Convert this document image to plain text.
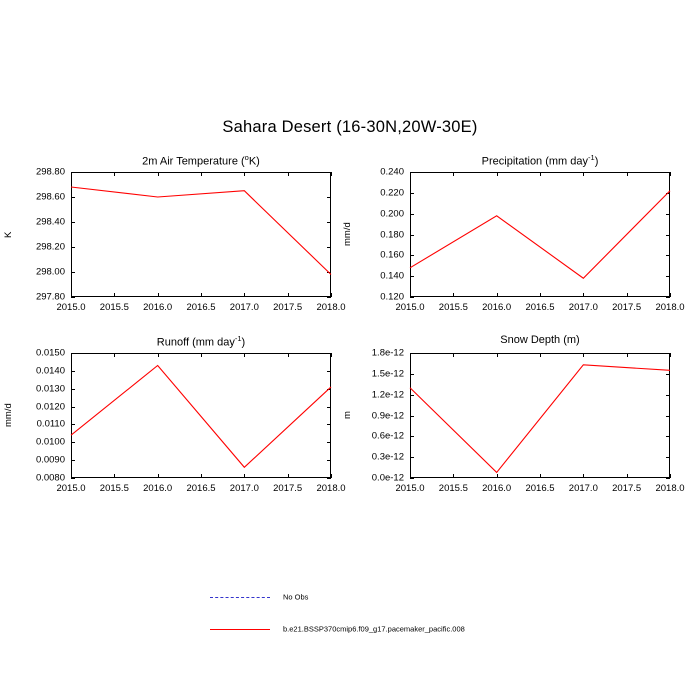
Sahara Desert (16-30N,20W-30E)
2m Air Temperature ($^o$K)
297.80
298.00
298.20
298.40
298.60
298.80
2015.0 2015.5 2016.0 2016.5 2017.0 2017.5 2018.0
K
Precipitation (mm day$^{-1}$)
0.120
0.140
0.160
0.180
0.200
0.220
0.240
2015.0 2015.5 2016.0 2016.5 2017.0 2017.5 2018.0
mm/d
Runoff (mm day$^{-1}$)
0.0080
0.0090
0.0100
0.0110
0.0120
0.0130
0.0140
0.0150
2015.0 2015.5 2016.0 2016.5 2017.0 2017.5 2018.0
mm/d
Snow Depth (m)
0.0e-12
0.3e-12
0.6e-12
0.9e-12
1.2e-12
1.5e-12
1.8e-12
2015.0 2015.5 2016.0 2016.5 2017.0 2017.5 2018.0
m
No Obs
b.e21.BSSP370cmip6.f09_g17.pacemaker_pacific.008
